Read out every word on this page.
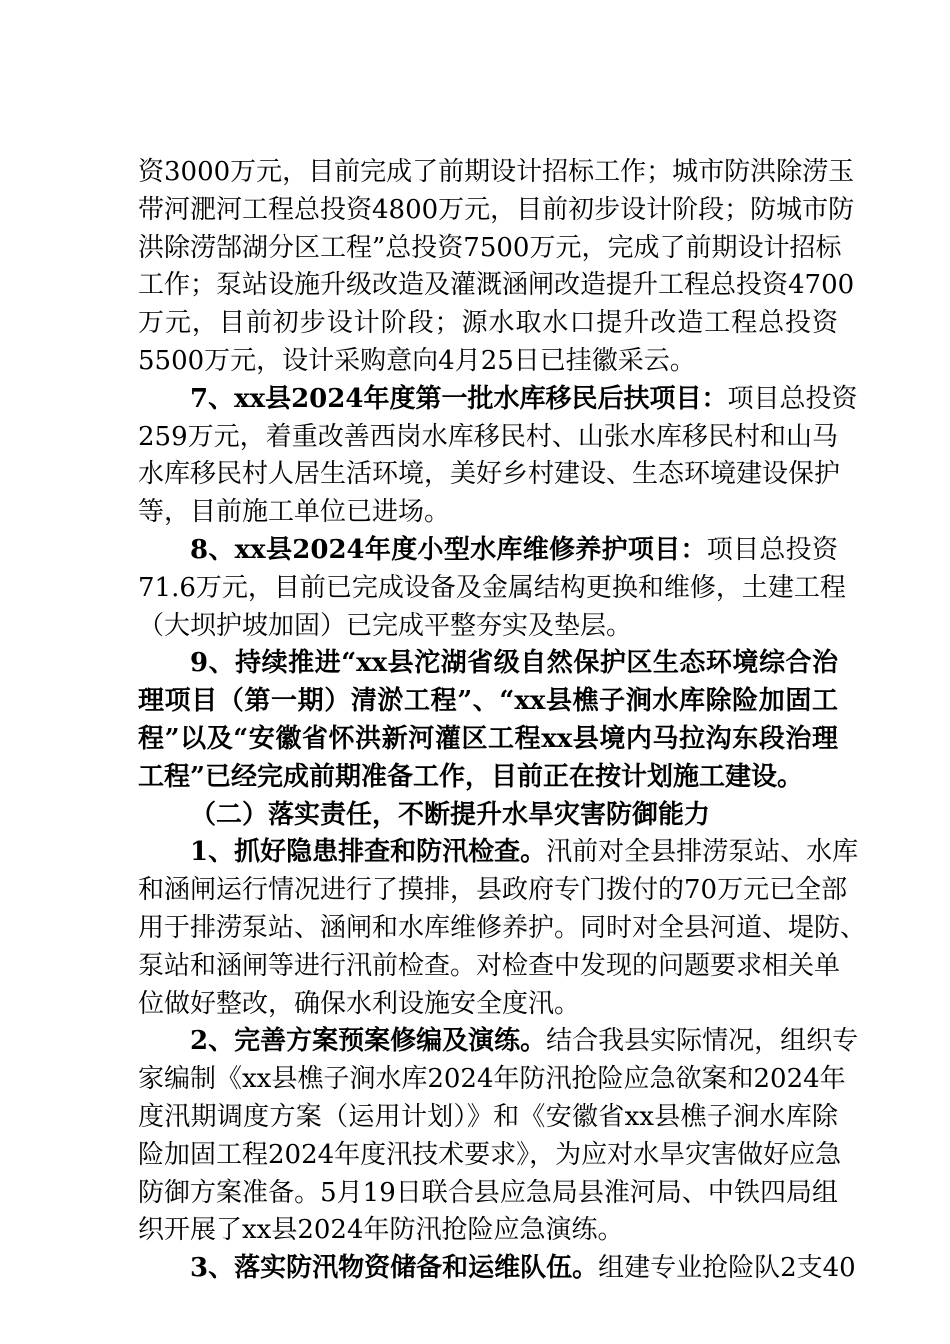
资3000万元，目前完成了前期设计招标工作；城市防洪除涝玉
带河淝河工程总投资4800万元，目前初步设计阶段；防城市防
洪除涝郜湖分区工程”总投资7500万元，完成了前期设计招标
工作；泵站设施升级改造及灌溉涵闸改造提升工程总投资4700
万元，目前初步设计阶段；源水取水口提升改造工程总投资
5500万元，设计采购意向4月25日已挂徽采云。
7、xx县2024年度第一批水库移民后扶项目：项目总投资
259万元，着重改善西岗水库移民村、山张水库移民村和山马
水库移民村人居生活环境，美好乡村建设、生态环境建设保护
等，目前施工单位已进场。
8、xx县2024年度小型水库维修养护项目：项目总投资
71.6万元，目前已完成设备及金属结构更换和维修，土建工程
（大坝护坡加固）已完成平整夯实及垫层。
9、持续推进“xx县沱湖省级自然保护区生态环境综合治
理项目（第一期）清淤工程”、“xx县樵子涧水库除险加固工
程”以及“安徽省怀洪新河灌区工程xx县境内马拉沟东段治理
工程”已经完成前期准备工作，目前正在按计划施工建设。
（二）落实责任，不断提升水旱灾害防御能力
1、抓好隐患排查和防汛检查。汛前对全县排涝泵站、水库
和涵闸运行情况进行了摸排，县政府专门拨付的70万元已全部
用于排涝泵站、涵闸和水库维修养护。同时对全县河道、堤防、
泵站和涵闸等进行汛前检查。对检查中发现的问题要求相关单
位做好整改，确保水利设施安全度汛。
2、完善方案预案修编及演练。结合我县实际情况，组织专
家编制《xx县樵子涧水库2024年防汛抢险应急欲案和2024年
度汛期调度方案（运用计划）》和《安徽省xx县樵子涧水库除
险加固工程2024年度汛技术要求》，为应对水旱灾害做好应急
防御方案准备。5月19日联合县应急局县淮河局、中铁四局组
织开展了xx县2024年防汛抢险应急演练。
3、落实防汛物资储备和运维队伍。组建专业抢险队2支40
